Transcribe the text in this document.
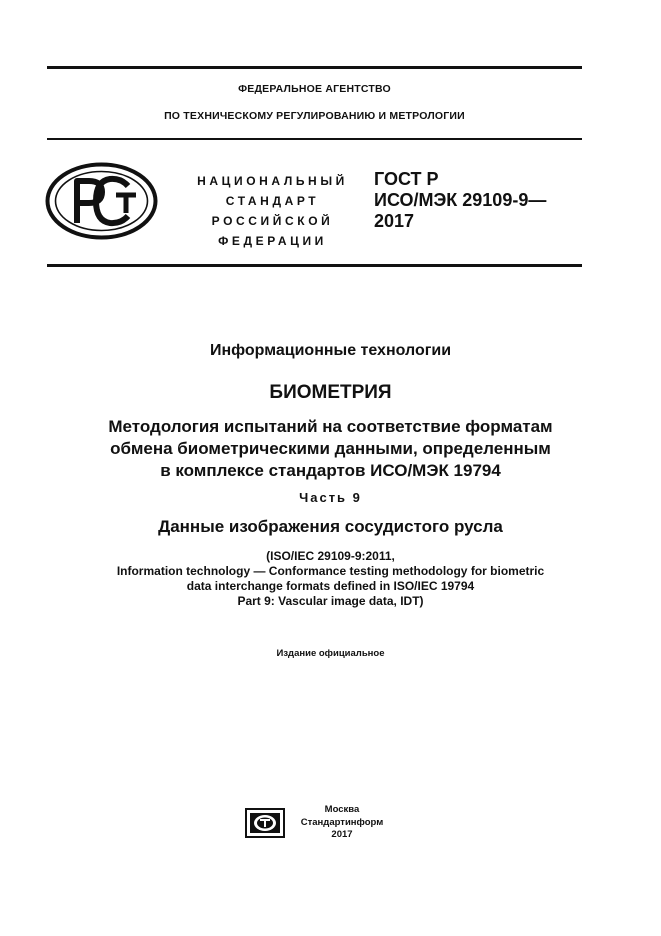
ФЕДЕРАЛЬНОЕ АГЕНТСТВО
ПО ТЕХНИЧЕСКОМУ РЕГУЛИРОВАНИЮ И МЕТРОЛОГИИ
НАЦИОНАЛЬНЫЙ
СТАНДАРТ
РОССИЙСКОЙ
ФЕДЕРАЦИИ
ГОСТ Р
ИСО/МЭК 29109-9—
2017
Информационные технологии
БИОМЕТРИЯ
Методология испытаний на соответствие форматам
обмена биометрическими данными, определенным
в комплексе стандартов ИСО/МЭК 19794
Часть 9
Данные изображения сосудистого русла
(ISO/IEC 29109-9:2011,
Information technology — Conformance testing methodology for biometric
data interchange formats defined in ISO/IEC 19794
Part 9: Vascular image data, IDT)
Издание официальное
Москва
Стандартинформ
2017
